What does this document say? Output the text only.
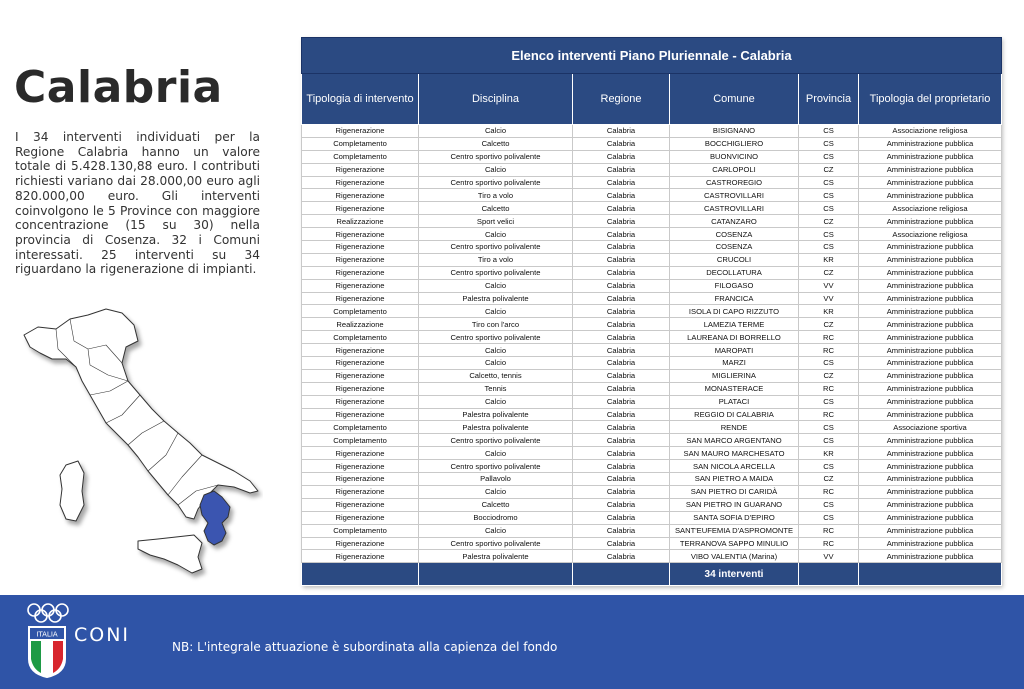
Calabria

I 34 interventi individuati per la Regione Calabria hanno un valore totale di 5.428.130,88 euro. I contributi richiesti variano dai 28.000,00 euro agli 820.000,00 euro. Gli interventi coinvolgono le 5 Province con maggiore concentrazione (15 su 30) nella provincia di Cosenza. 32 i Comuni interessati. 25 interventi su 34 riguardano la rigenerazione di impianti.

Elenco interventi Piano Pluriennale - Calabria					
Tipologia di intervento	Disciplina	Regione	Comune	Provincia	Tipologia del proprietario
Rigenerazione	Calcio	Calabria	BISIGNANO	CS	Associazione religiosa
Completamento	Calcetto	Calabria	BOCCHIGLIERO	CS	Amministrazione pubblica
Completamento	Centro sportivo polivalente	Calabria	BUONVICINO	CS	Amministrazione pubblica
Rigenerazione	Calcio	Calabria	CARLOPOLI	CZ	Amministrazione pubblica
Rigenerazione	Centro sportivo polivalente	Calabria	CASTROREGIO	CS	Amministrazione pubblica
Rigenerazione	Tiro a volo	Calabria	CASTROVILLARI	CS	Amministrazione pubblica
Rigenerazione	Calcetto	Calabria	CASTROVILLARI	CS	Associazione religiosa
Realizzazione	Sport velici	Calabria	CATANZARO	CZ	Amministrazione pubblica
Rigenerazione	Calcio	Calabria	COSENZA	CS	Associazione religiosa
Rigenerazione	Centro sportivo polivalente	Calabria	COSENZA	CS	Amministrazione pubblica
Rigenerazione	Tiro a volo	Calabria	CRUCOLI	KR	Amministrazione pubblica
Rigenerazione	Centro sportivo polivalente	Calabria	DECOLLATURA	CZ	Amministrazione pubblica
Rigenerazione	Calcio	Calabria	FILOGASO	VV	Amministrazione pubblica
Rigenerazione	Palestra polivalente	Calabria	FRANCICA	VV	Amministrazione pubblica
Completamento	Calcio	Calabria	ISOLA DI CAPO RIZZUTO	KR	Amministrazione pubblica
Realizzazione	Tiro con l'arco	Calabria	LAMEZIA TERME	CZ	Amministrazione pubblica
Completamento	Centro sportivo polivalente	Calabria	LAUREANA DI BORRELLO	RC	Amministrazione pubblica
Rigenerazione	Calcio	Calabria	MAROPATI	RC	Amministrazione pubblica
Rigenerazione	Calcio	Calabria	MARZI	CS	Amministrazione pubblica
Rigenerazione	Calcetto, tennis	Calabria	MIGLIERINA	CZ	Amministrazione pubblica
Rigenerazione	Tennis	Calabria	MONASTERACE	RC	Amministrazione pubblica
Rigenerazione	Calcio	Calabria	PLATACI	CS	Amministrazione pubblica
Rigenerazione	Palestra polivalente	Calabria	REGGIO DI CALABRIA	RC	Amministrazione pubblica
Completamento	Palestra polivalente	Calabria	RENDE	CS	Associazione sportiva
Completamento	Centro sportivo polivalente	Calabria	SAN MARCO ARGENTANO	CS	Amministrazione pubblica
Rigenerazione	Calcio	Calabria	SAN MAURO MARCHESATO	KR	Amministrazione pubblica
Rigenerazione	Centro sportivo polivalente	Calabria	SAN NICOLA ARCELLA	CS	Amministrazione pubblica
Rigenerazione	Pallavolo	Calabria	SAN PIETRO A MAIDA	CZ	Amministrazione pubblica
Rigenerazione	Calcio	Calabria	SAN PIETRO DI CARIDÀ	RC	Amministrazione pubblica
Rigenerazione	Calcetto	Calabria	SAN PIETRO IN GUARANO	CS	Amministrazione pubblica
Rigenerazione	Bocciodromo	Calabria	SANTA SOFIA D'EPIRO	CS	Amministrazione pubblica
Completamento	Calcio	Calabria	SANT'EUFEMIA D'ASPROMONTE	RC	Amministrazione pubblica
Rigenerazione	Centro sportivo polivalente	Calabria	TERRANOVA SAPPO MINULIO	RC	Amministrazione pubblica
Rigenerazione	Palestra polivalente	Calabria	VIBO VALENTIA (Marina)	VV	Amministrazione pubblica
			34 interventi		
ITALIA CONI

NB: L'integrale attuazione è subordinata alla capienza del fondo
